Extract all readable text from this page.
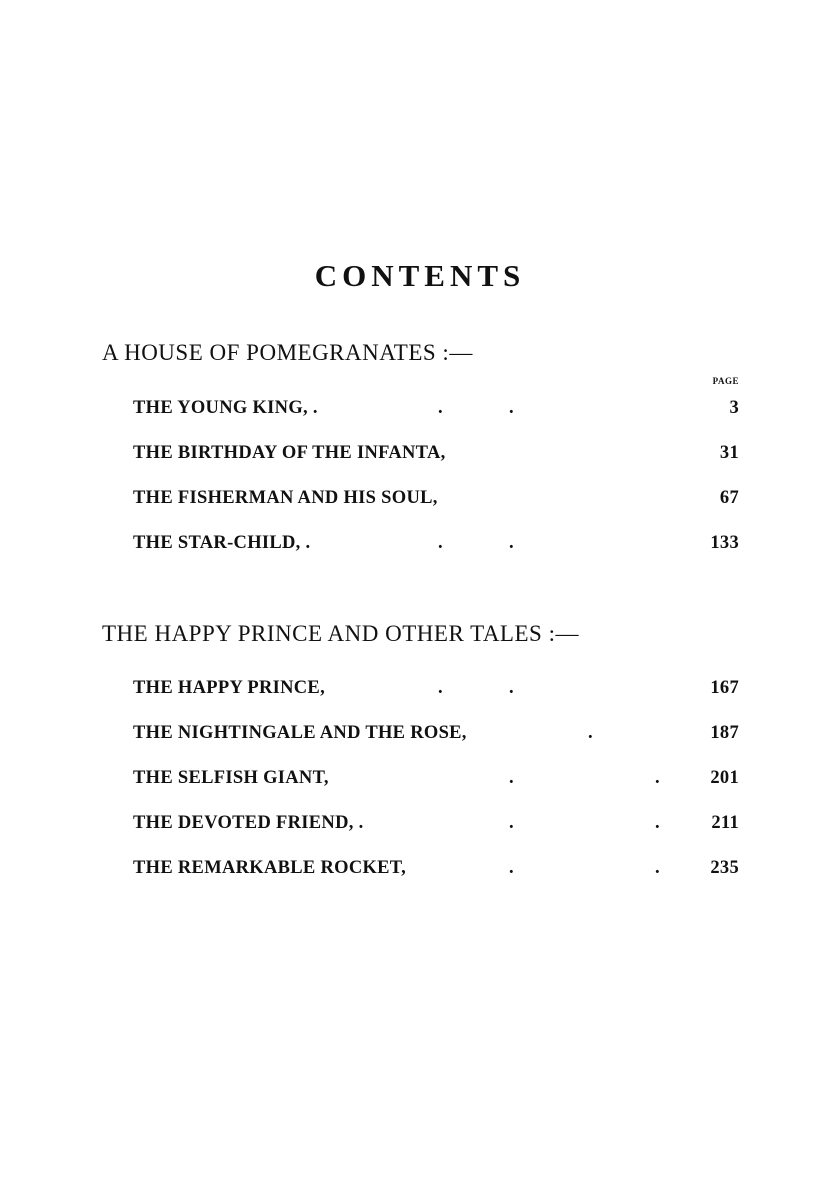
CONTENTS
A HOUSE OF POMEGRANATES :—
PAGE
THE YOUNG KING, .	.	.	3
THE BIRTHDAY OF THE INFANTA,	31
THE FISHERMAN AND HIS SOUL,	67
THE STAR-CHILD, .	.	.	133
THE HAPPY PRINCE AND OTHER TALES :—
THE HAPPY PRINCE,	.	.	167
THE NIGHTINGALE AND THE ROSE,	.	187
THE SELFISH GIANT,	.	.	201
THE DEVOTED FRIEND, .	.	.	211
THE REMARKABLE ROCKET,	.	.	235
